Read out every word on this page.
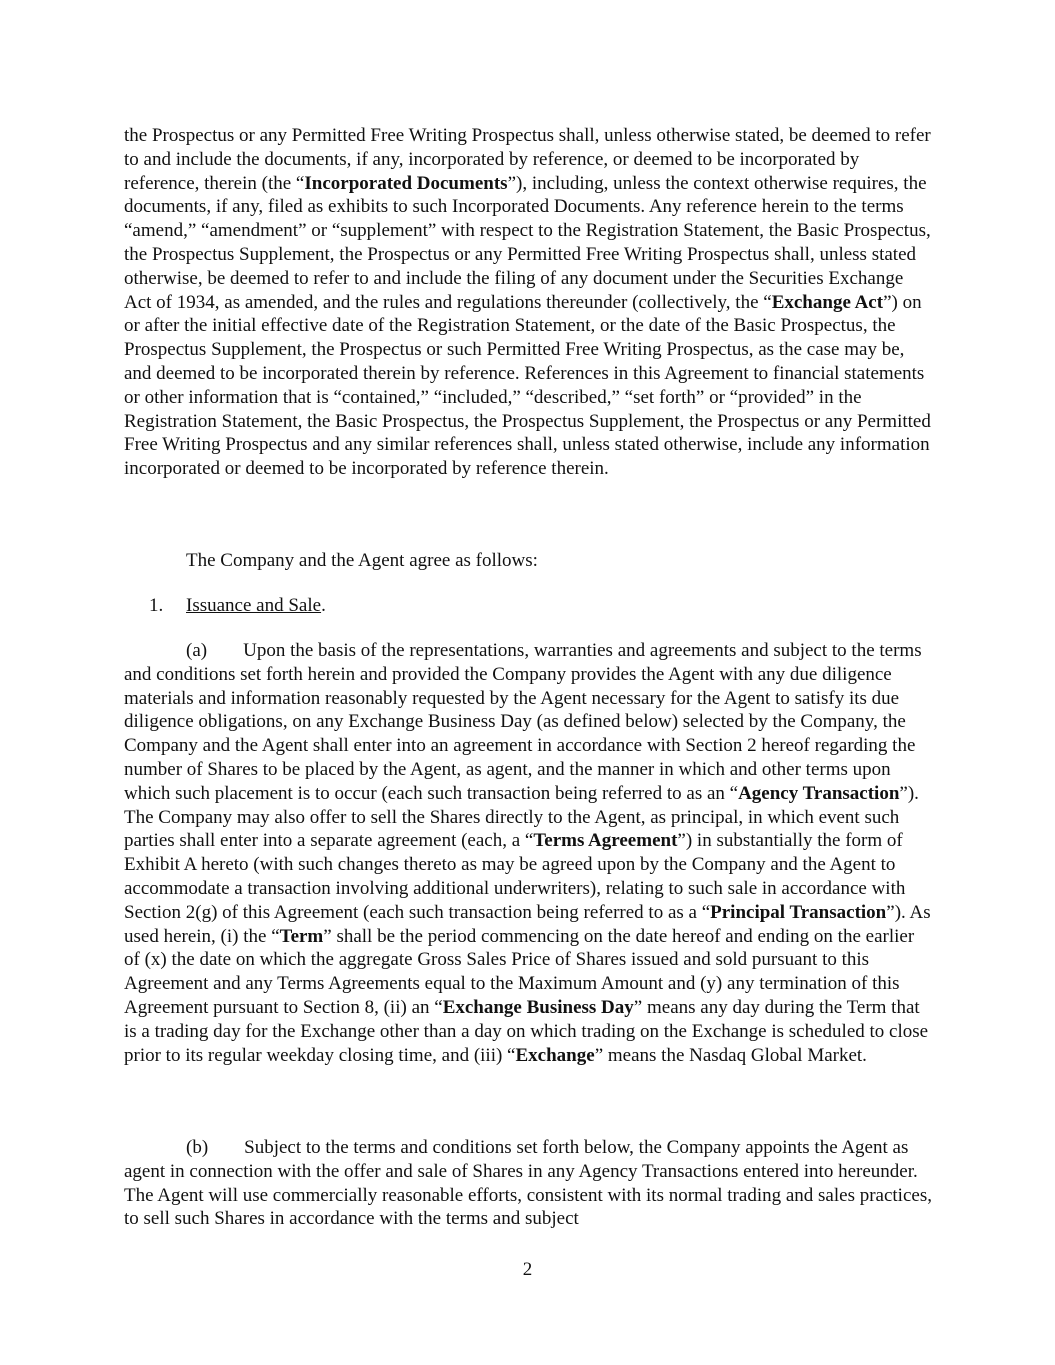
the Prospectus or any Permitted Free Writing Prospectus shall, unless otherwise stated, be deemed to refer to and include the documents, if any, incorporated by reference, or deemed to be incorporated by reference, therein (the “Incorporated Documents”), including, unless the context otherwise requires, the documents, if any, filed as exhibits to such Incorporated Documents. Any reference herein to the terms “amend,” “amendment” or “supplement” with respect to the Registration Statement, the Basic Prospectus, the Prospectus Supplement, the Prospectus or any Permitted Free Writing Prospectus shall, unless stated otherwise, be deemed to refer to and include the filing of any document under the Securities Exchange Act of 1934, as amended, and the rules and regulations thereunder (collectively, the “Exchange Act”) on or after the initial effective date of the Registration Statement, or the date of the Basic Prospectus, the Prospectus Supplement, the Prospectus or such Permitted Free Writing Prospectus, as the case may be, and deemed to be incorporated therein by reference. References in this Agreement to financial statements or other information that is “contained,” “included,” “described,” “set forth” or “provided” in the Registration Statement, the Basic Prospectus, the Prospectus Supplement, the Prospectus or any Permitted Free Writing Prospectus and any similar references shall, unless stated otherwise, include any information incorporated or deemed to be incorporated by reference therein.
The Company and the Agent agree as follows:
1. Issuance and Sale.
(a) Upon the basis of the representations, warranties and agreements and subject to the terms and conditions set forth herein and provided the Company provides the Agent with any due diligence materials and information reasonably requested by the Agent necessary for the Agent to satisfy its due diligence obligations, on any Exchange Business Day (as defined below) selected by the Company, the Company and the Agent shall enter into an agreement in accordance with Section 2 hereof regarding the number of Shares to be placed by the Agent, as agent, and the manner in which and other terms upon which such placement is to occur (each such transaction being referred to as an “Agency Transaction”). The Company may also offer to sell the Shares directly to the Agent, as principal, in which event such parties shall enter into a separate agreement (each, a “Terms Agreement”) in substantially the form of Exhibit A hereto (with such changes thereto as may be agreed upon by the Company and the Agent to accommodate a transaction involving additional underwriters), relating to such sale in accordance with Section 2(g) of this Agreement (each such transaction being referred to as a “Principal Transaction”). As used herein, (i) the “Term” shall be the period commencing on the date hereof and ending on the earlier of (x) the date on which the aggregate Gross Sales Price of Shares issued and sold pursuant to this Agreement and any Terms Agreements equal to the Maximum Amount and (y) any termination of this Agreement pursuant to Section 8, (ii) an “Exchange Business Day” means any day during the Term that is a trading day for the Exchange other than a day on which trading on the Exchange is scheduled to close prior to its regular weekday closing time, and (iii) “Exchange” means the Nasdaq Global Market.
(b) Subject to the terms and conditions set forth below, the Company appoints the Agent as agent in connection with the offer and sale of Shares in any Agency Transactions entered into hereunder. The Agent will use commercially reasonable efforts, consistent with its normal trading and sales practices, to sell such Shares in accordance with the terms and subject
2
